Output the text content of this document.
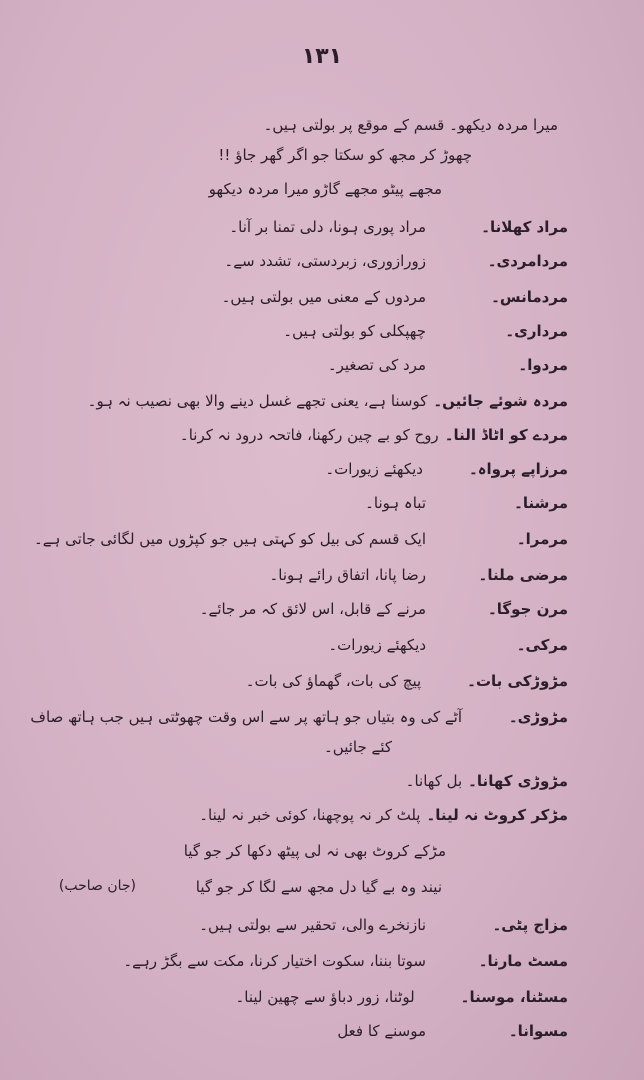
١٣١
میرا مردہ دیکھو۔ قسم کے موقع پر بولتی ہیں۔
چھوڑ کر مجھ کو سکتا جو اگر گھر جاؤ !!
مجھے پیٹو مجھے گاڑو میرا مردہ دیکھو
مراد کھلانا۔مراد پوری ہونا، دلی تمنا بر آنا۔
مردامردی۔زورازوری، زبردستی، تشدد سے۔
مردمانس۔مردوں کے معنی میں بولتی ہیں۔
مرداری۔چھپکلی کو بولتی ہیں۔
مردوا۔مرد کی تصغیر۔
مردہ شوئے جائیں۔کوسنا ہے، یعنی تجھے غسل دینے والا بھی نصیب نہ ہو۔
مردے کو اٹاڈ النا۔روح کو بے چین رکھنا، فاتحہ درود نہ کرنا۔
مرزاپے پرواہ۔دیکھئے زیورات۔
مرشنا۔تباہ ہونا۔
مرمرا۔ایک قسم کی بیل کو کہتی ہیں جو کپڑوں میں لگائی جاتی ہے۔
مرضی ملنا۔رضا پانا، اتفاق رائے ہونا۔
مرن جوگا۔مرنے کے قابل، اس لائق کہ مر جائے۔
مرکی۔دیکھئے زیورات۔
مڑوڑکی بات۔پیچ کی بات، گھماؤ کی بات۔
مڑوڑی۔آٹے کی وہ بتیاں جو ہاتھ پر سے اس وقت چھوٹتی ہیں جب ہاتھ صاف
کئے جائیں۔
مڑوڑی کھانا۔بل کھانا۔
مڑکر کروٹ نہ لینا۔پلٹ کر نہ پوچھنا، کوئی خبر نہ لینا۔
مڑکے کروٹ بھی نہ لی پیٹھ دکھا کر جو گیا
نیند وہ بے گیا دل مجھ سے لگا کر جو گیا
(جان صاحب)
مزاج پٹی۔نازنخرے والی، تحقیر سے بولتی ہیں۔
مسٹ مارنا۔سوتا بننا، سکوت اختیار کرنا، مکت سے بگڑ رہے۔
مسٹنا، موسنا۔لوٹنا، زور دباؤ سے چھین لینا۔
مسوانا۔موسنے کا فعل
